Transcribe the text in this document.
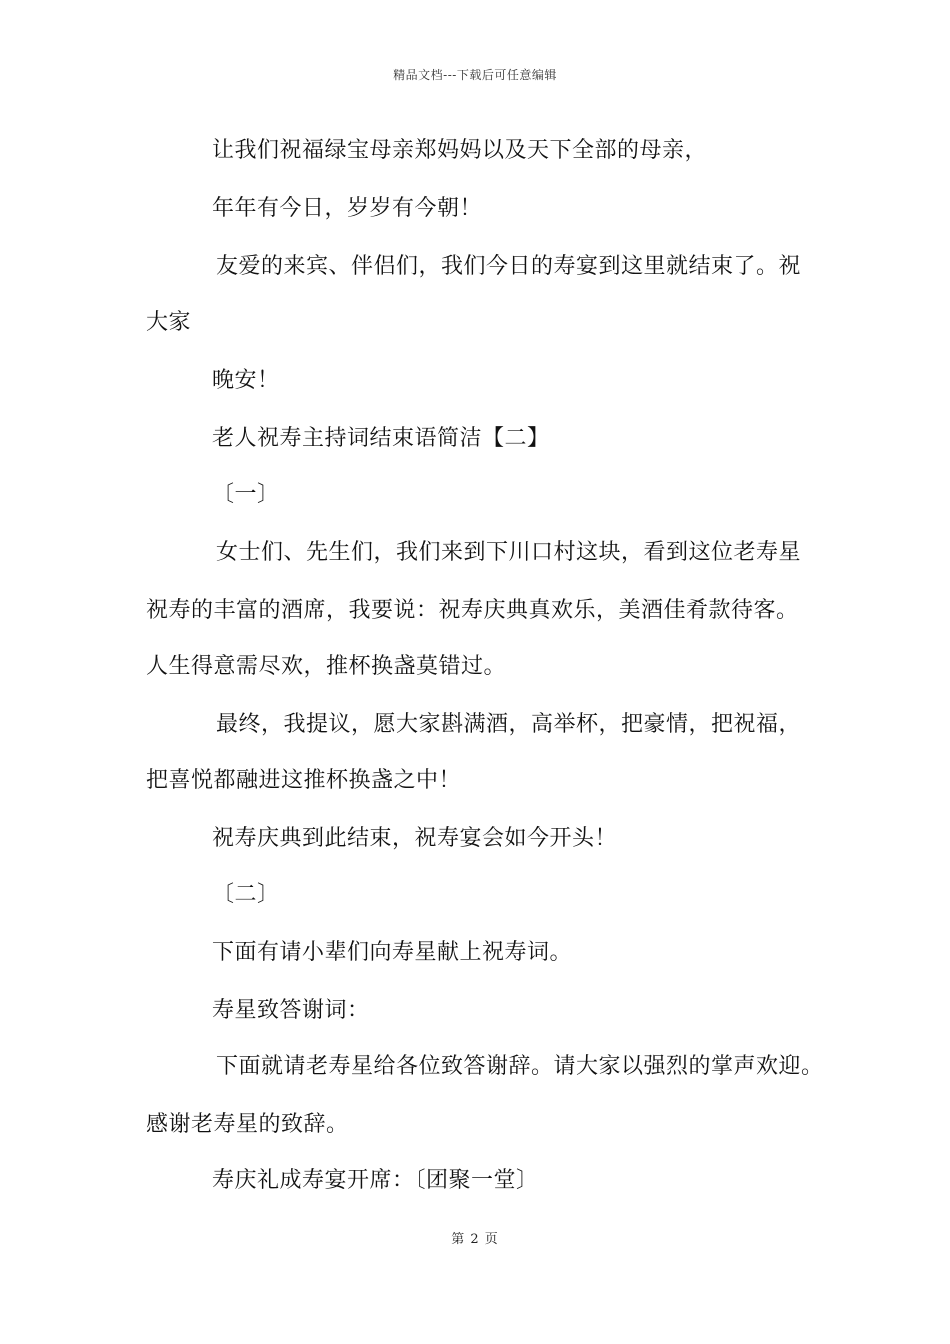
精品文档---下载后可任意编辑
让我们祝福绿宝母亲郑妈妈以及天下全部的母亲，
年年有今日，岁岁有今朝！
友爱的来宾、伴侣们，我们今日的寿宴到这里就结束了。祝
大家
晚安！
老人祝寿主持词结束语简洁【二】
〔一〕
女士们、先生们，我们来到下川口村这块，看到这位老寿星
祝寿的丰富的酒席，我要说：祝寿庆典真欢乐，美酒佳肴款待客。
人生得意需尽欢，推杯换盏莫错过。
最终，我提议，愿大家斟满酒，高举杯，把豪情，把祝福，
把喜悦都融进这推杯换盏之中！
祝寿庆典到此结束，祝寿宴会如今开头！
〔二〕
下面有请小辈们向寿星献上祝寿词。
寿星致答谢词：
下面就请老寿星给各位致答谢辞。请大家以强烈的掌声欢迎。
感谢老寿星的致辞。
寿庆礼成寿宴开席：〔团聚一堂〕
第 2 页
